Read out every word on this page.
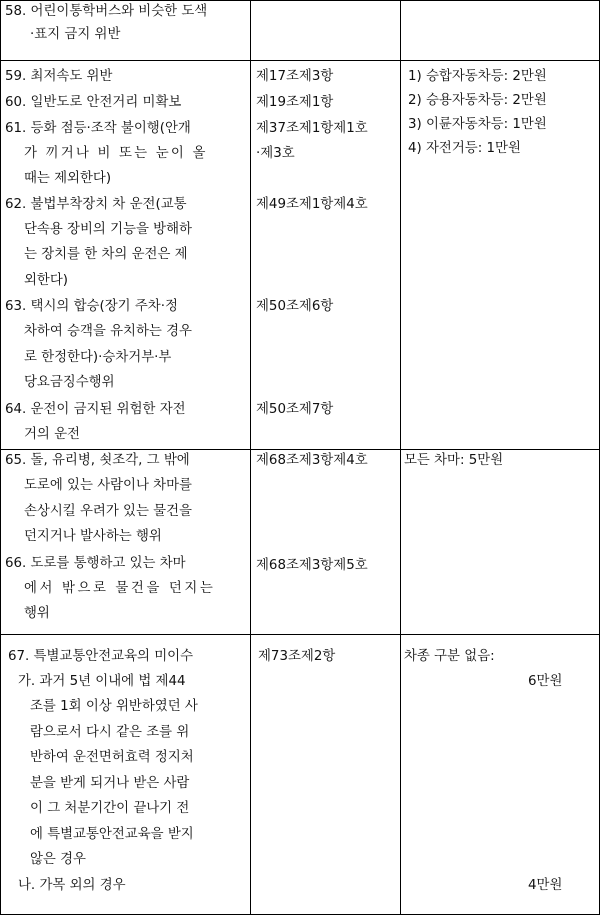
58. 어린이통학버스와 비슷한 도색
·표지 금지 위반
59. 최저속도 위반
60. 일반도로 안전거리 미확보
61. 등화 점등·조작 불이행(안개
가 끼거나 비 또는 눈이 올
때는 제외한다)
62. 불법부착장치 차 운전(교통
단속용 장비의 기능을 방해하
는 장치를 한 차의 운전은 제
외한다)
63. 택시의 합승(장기 주차·정
차하여 승객을 유치하는 경우
로 한정한다)·승차거부·부
당요금징수행위
64. 운전이 금지된 위험한 자전
거의 운전
제17조제3항
제19조제1항
제37조제1항제1호
·제3호
제49조제1항제4호
제50조제6항
제50조제7항
1) 승합자동차등: 2만원
2) 승용자동차등: 2만원
3) 이륜자동차등: 1만원
4) 자전거등: 1만원
65. 돌, 유리병, 쇳조각, 그 밖에
도로에 있는 사람이나 차마를
손상시킬 우려가 있는 물건을
던지거나 발사하는 행위
66. 도로를 통행하고 있는 차마
에서 밖으로 물건을 던지는
행위
제68조제3항제4호
제68조제3항제5호
모든 차마: 5만원
67. 특별교통안전교육의 미이수
가. 과거 5년 이내에 법 제44
조를 1회 이상 위반하였던 사
람으로서 다시 같은 조를 위
반하여 운전면허효력 정지처
분을 받게 되거나 받은 사람
이 그 처분기간이 끝나기 전
에 특별교통안전교육을 받지
않은 경우
나. 가목 외의 경우
제73조제2항	차종 구분 없음:
6만원
4만원
